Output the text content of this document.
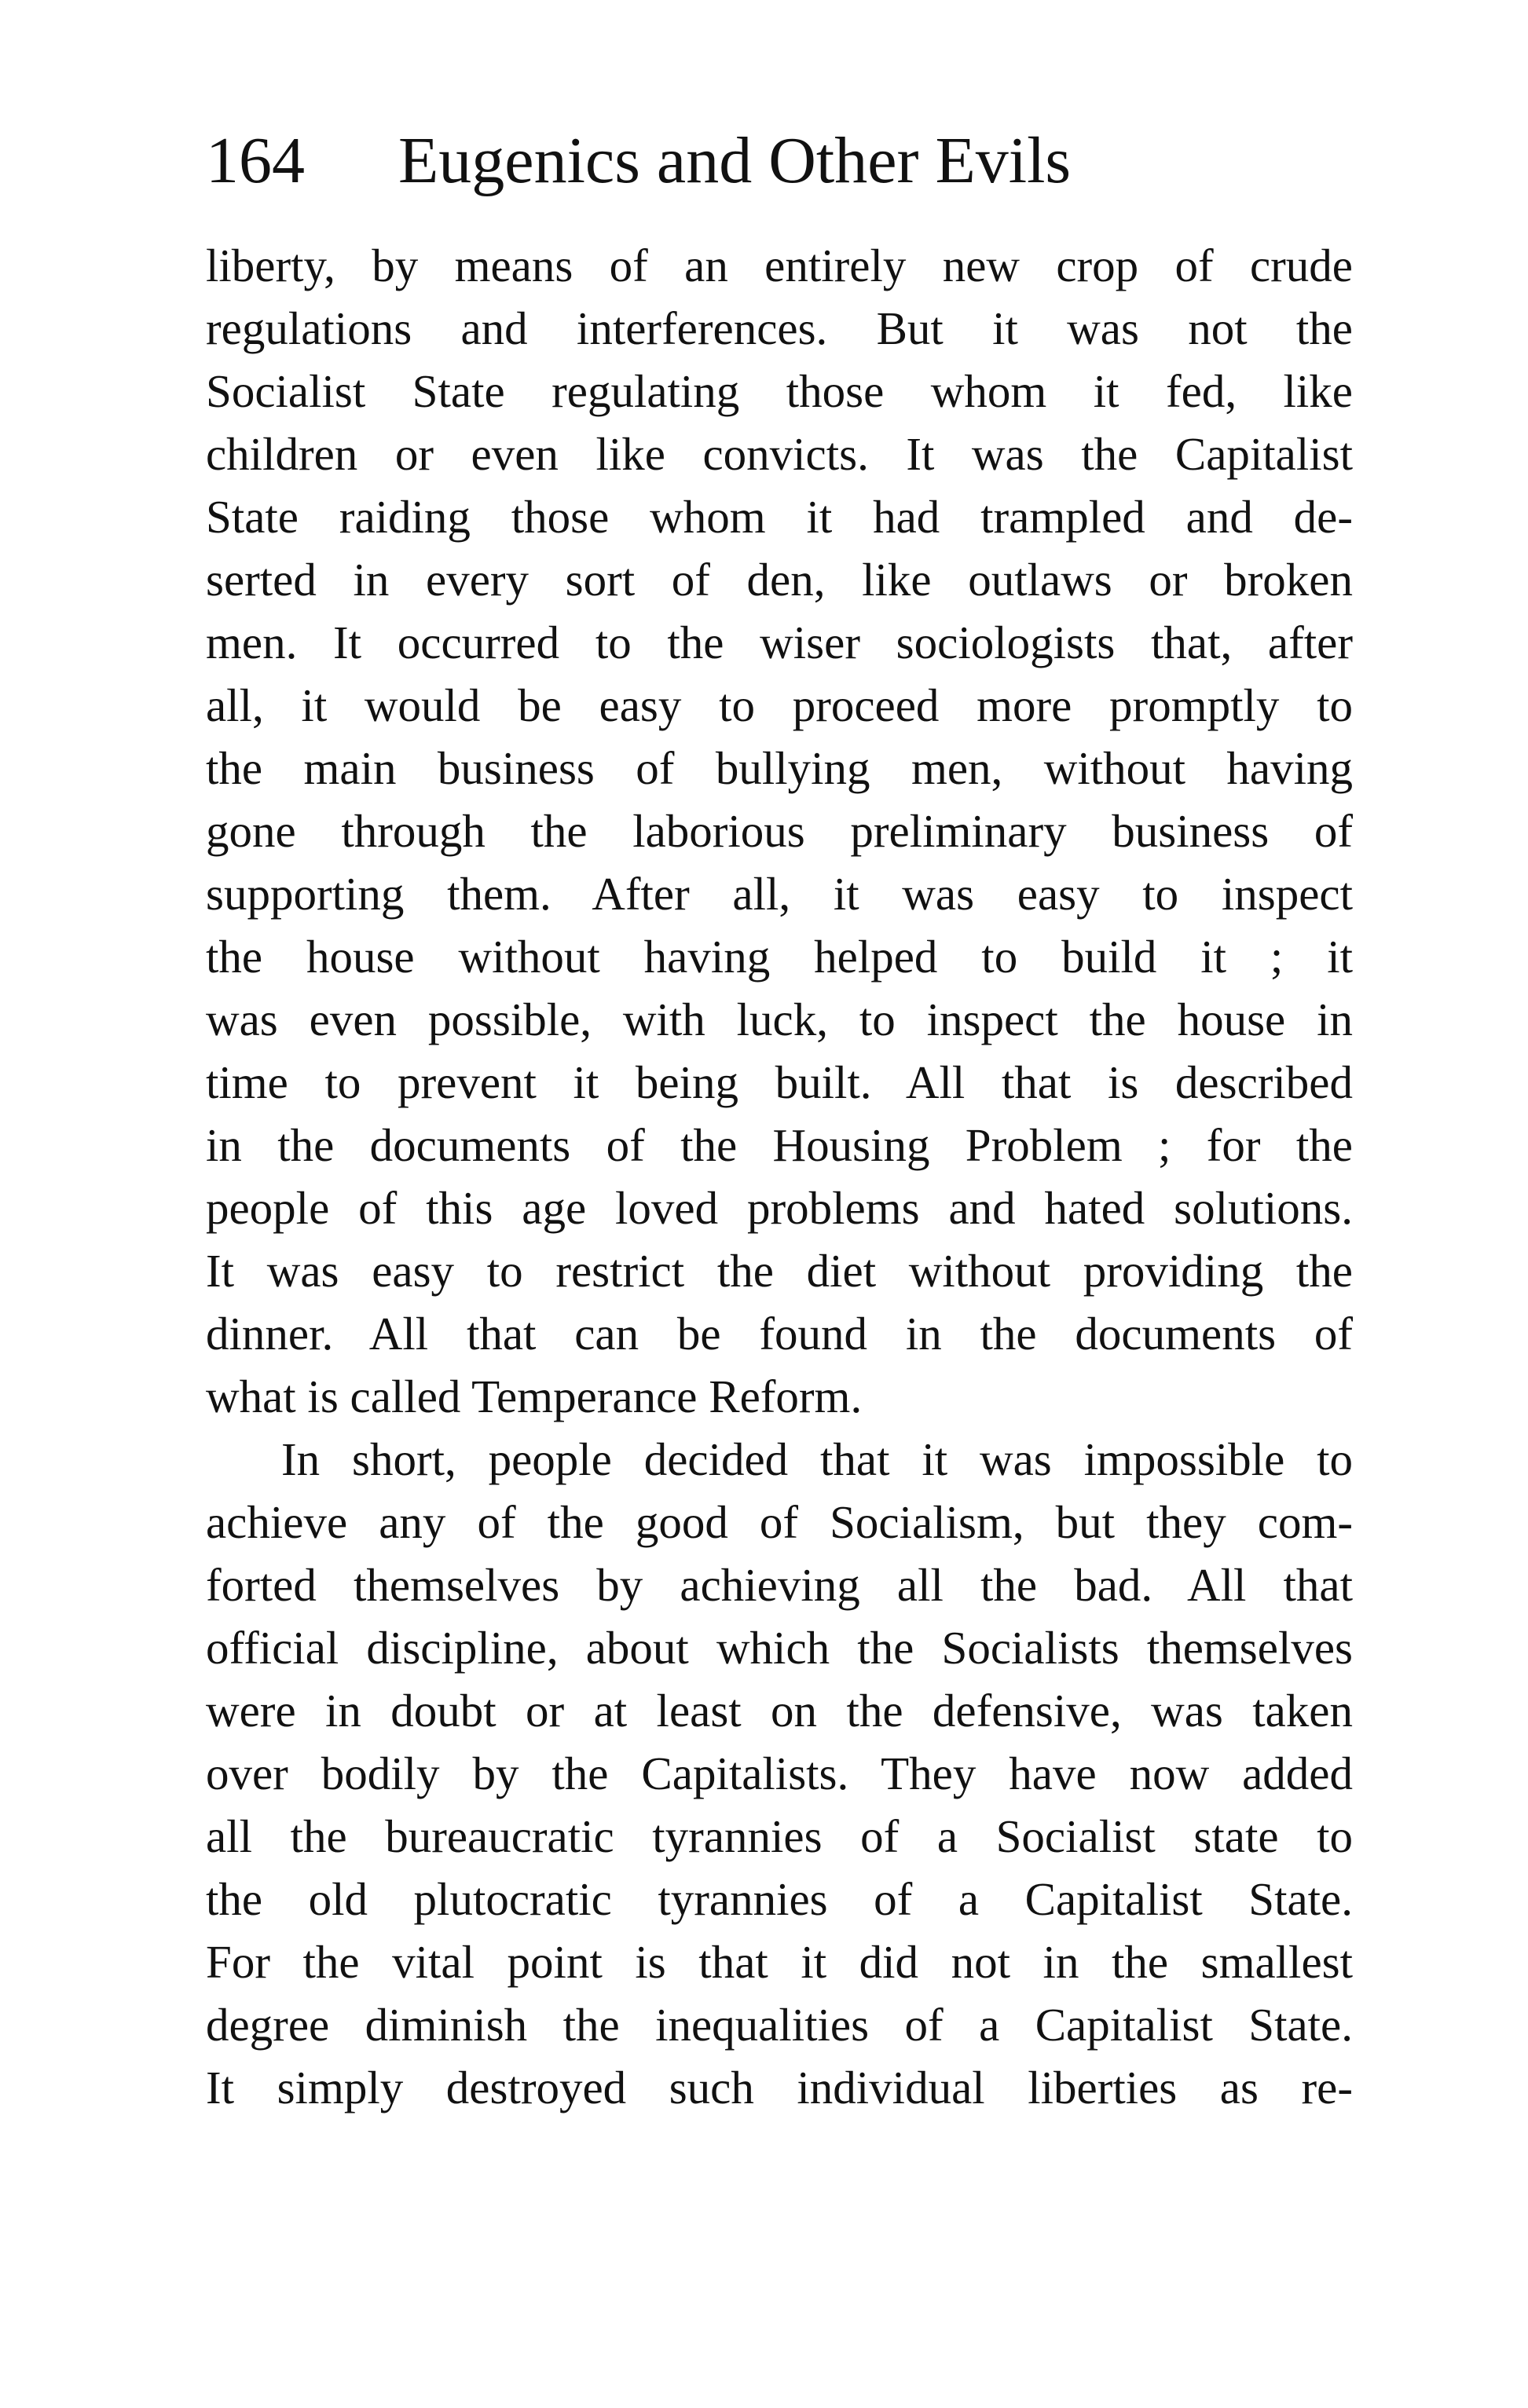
164 Eugenics and Other Evils
liberty, by means of an entirely new crop of crude
regulations and interferences. But it was not the
Socialist State regulating those whom it fed, like
children or even like convicts. It was the Capitalist
State raiding those whom it had trampled and de-
serted in every sort of den, like outlaws or broken
men. It occurred to the wiser sociologists that, after
all, it would be easy to proceed more promptly to
the main business of bullying men, without having
gone through the laborious preliminary business of
supporting them. After all, it was easy to inspect
the house without having helped to build it ; it
was even possible, with luck, to inspect the house in
time to prevent it being built. All that is described
in the documents of the Housing Problem ; for the
people of this age loved problems and hated solutions.
It was easy to restrict the diet without providing the
dinner. All that can be found in the documents of
what is called Temperance Reform.
In short, people decided that it was impossible to
achieve any of the good of Socialism, but they com-
forted themselves by achieving all the bad. All that
official discipline, about which the Socialists themselves
were in doubt or at least on the defensive, was taken
over bodily by the Capitalists. They have now added
all the bureaucratic tyrannies of a Socialist state to
the old plutocratic tyrannies of a Capitalist State.
For the vital point is that it did not in the smallest
degree diminish the inequalities of a Capitalist State.
It simply destroyed such individual liberties as re-
